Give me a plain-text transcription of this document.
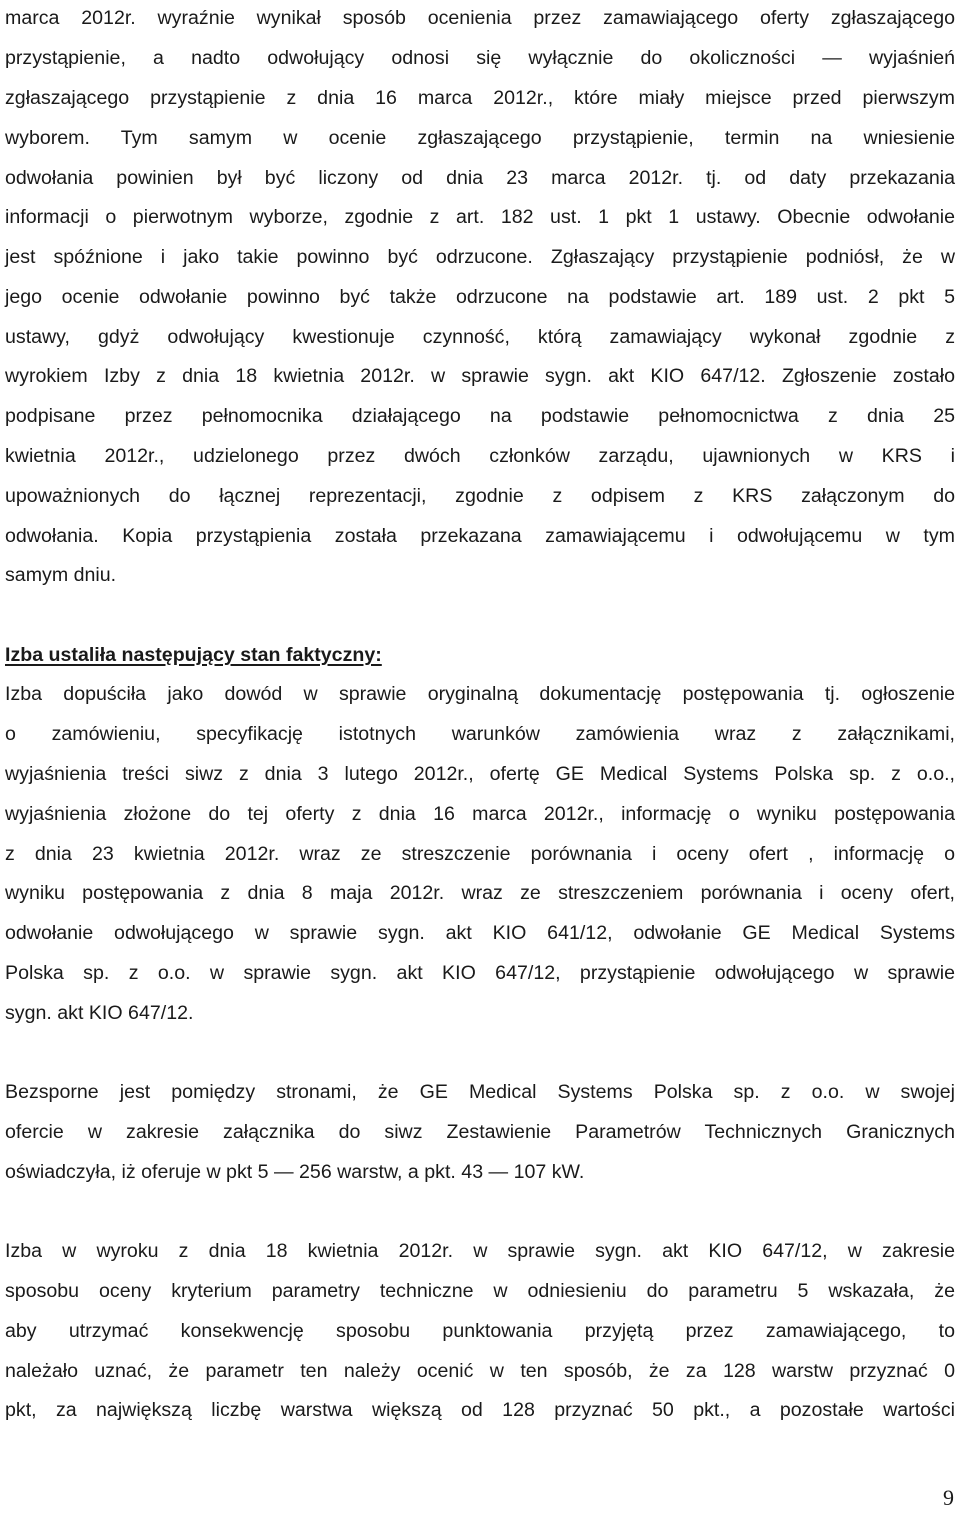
marca 2012r. wyraźnie wynikał sposób ocenienia przez zamawiającego oferty zgłaszającego
przystąpienie, a nadto odwołujący odnosi się wyłącznie do okoliczności — wyjaśnień
zgłaszającego przystąpienie z dnia 16 marca 2012r., które miały miejsce przed pierwszym
wyborem. Tym samym w ocenie zgłaszającego przystąpienie, termin na wniesienie
odwołania powinien był być liczony od dnia 23 marca 2012r. tj. od daty przekazania
informacji o pierwotnym wyborze, zgodnie z art. 182 ust. 1 pkt 1 ustawy. Obecnie odwołanie
jest spóźnione i jako takie powinno być odrzucone. Zgłaszający przystąpienie podniósł, że w
jego ocenie odwołanie powinno być także odrzucone na podstawie art. 189 ust. 2 pkt 5
ustawy, gdyż odwołujący kwestionuje czynność, którą zamawiający wykonał zgodnie z
wyrokiem Izby z dnia 18 kwietnia 2012r. w sprawie sygn. akt KIO 647/12. Zgłoszenie zostało
podpisane przez pełnomocnika działającego na podstawie pełnomocnictwa z dnia 25
kwietnia 2012r., udzielonego przez dwóch członków zarządu, ujawnionych w KRS i
upoważnionych do łącznej reprezentacji, zgodnie z odpisem z KRS załączonym do
odwołania. Kopia przystąpienia została przekazana zamawiającemu i odwołującemu w tym
samym dniu.
Izba ustaliła następujący stan faktyczny:
Izba dopuściła jako dowód w sprawie oryginalną dokumentację postępowania tj. ogłoszenie
o zamówieniu, specyfikację istotnych warunków zamówienia wraz z załącznikami,
wyjaśnienia treści siwz z dnia 3 lutego 2012r., ofertę GE Medical Systems Polska sp. z o.o.,
wyjaśnienia złożone do tej oferty z dnia 16 marca 2012r., informację o wyniku postępowania
z dnia 23 kwietnia 2012r. wraz ze streszczenie porównania i oceny ofert , informację o
wyniku postępowania z dnia 8 maja 2012r. wraz ze streszczeniem porównania i oceny ofert,
odwołanie odwołującego w sprawie sygn. akt KIO 641/12, odwołanie GE Medical Systems
Polska sp. z o.o. w sprawie sygn. akt KIO 647/12, przystąpienie odwołującego w sprawie
sygn. akt KIO 647/12.
Bezsporne jest pomiędzy stronami, że GE Medical Systems Polska sp. z o.o. w swojej
ofercie w zakresie załącznika do siwz Zestawienie Parametrów Technicznych Granicznych
oświadczyła, iż oferuje w pkt 5 — 256 warstw, a pkt. 43 — 107 kW.
Izba w wyroku z dnia 18 kwietnia 2012r. w sprawie sygn. akt KIO 647/12, w zakresie
sposobu oceny kryterium parametry techniczne w odniesieniu do parametru 5 wskazała, że
aby utrzymać konsekwencję sposobu punktowania przyjętą przez zamawiającego, to
należało uznać, że parametr ten należy ocenić w ten sposób, że za 128 warstw przyznać 0
pkt, za największą liczbę warstwa większą od 128 przyznać 50 pkt., a pozostałe wartości
9
